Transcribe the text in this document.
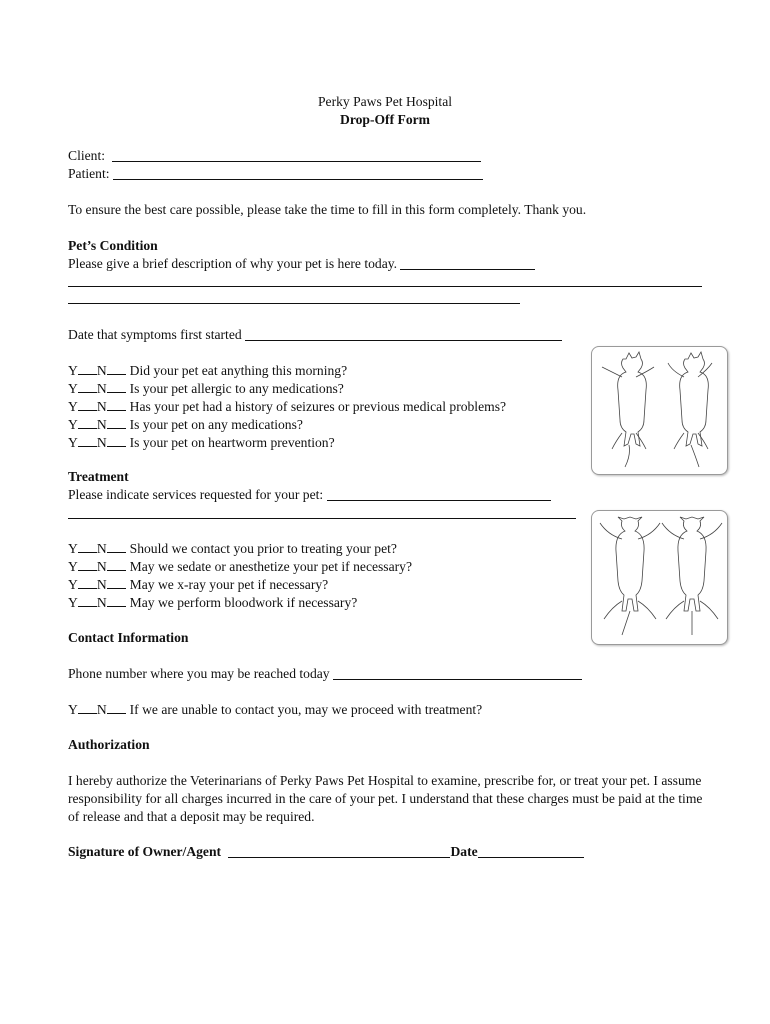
Perky Paws Pet Hospital
Drop-Off Form
Client:
Patient:
To ensure the best care possible, please take the time to fill in this form completely. Thank you.
Pet’s Condition
Please give a brief description of why your pet is here today.
Date that symptoms first started
Y N Did your pet eat anything this morning?
Y N Is your pet allergic to any medications?
Y N Has your pet had a history of seizures or previous medical problems?
Y N Is your pet on any medications?
Y N Is your pet on heartworm prevention?
Treatment
Please indicate services requested for your pet:
Y N Should we contact you prior to treating your pet?
Y N May we sedate or anesthetize your pet if necessary?
Y N May we x-ray your pet if necessary?
Y N May we perform bloodwork if necessary?
Contact Information
Phone number where you may be reached today
Y N If we are unable to contact you, may we proceed with treatment?
Authorization
I hereby authorize the Veterinarians of Perky Paws Pet Hospital to examine, prescribe for, or treat your pet. I assume responsibility for all charges incurred in the care of your pet. I understand that these charges must be paid at the time of release and that a deposit may be required.
Signature of Owner/Agent	Date
